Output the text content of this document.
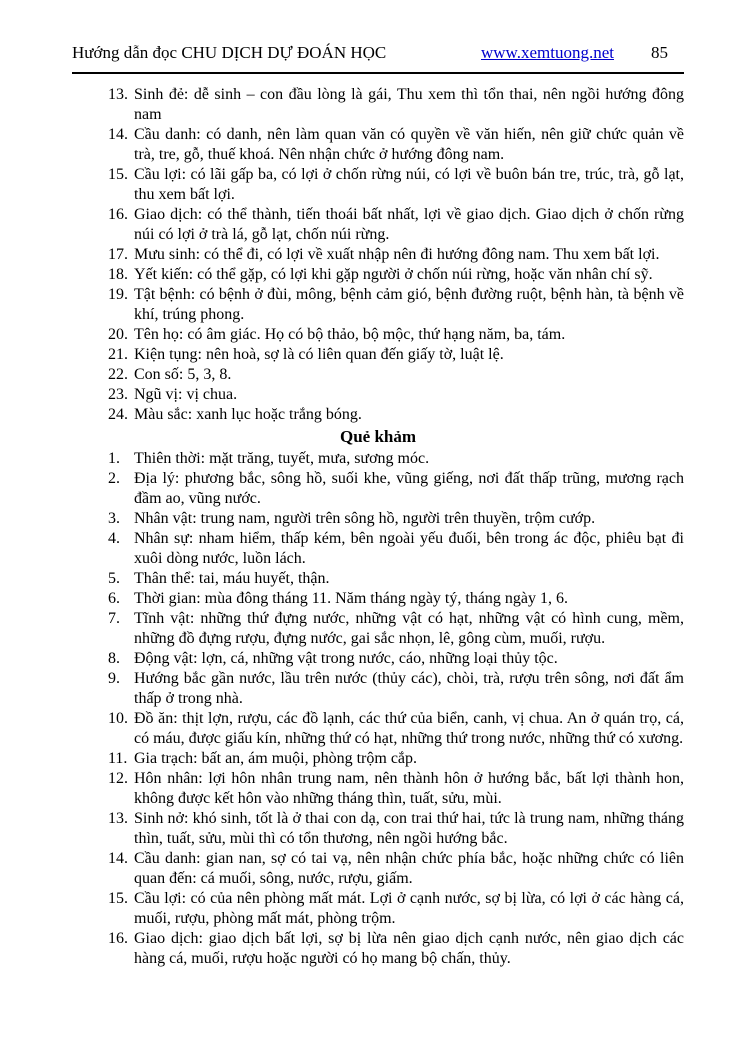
Hướng dẫn đọc CHU DỊCH DỰ ĐOÁN HỌC	www.xemtuong.net 85
13. Sinh đẻ: dễ sinh – con đầu lòng là gái, Thu xem thì tổn thai, nên ngồi hướng đông nam
14. Cầu danh: có danh, nên làm quan văn có quyền về văn hiến, nên giữ chức quản về trà, tre, gỗ, thuế khoá. Nên nhận chức ở hướng đông nam.
15. Cầu lợi: có lãi gấp ba, có lợi ở chốn rừng núi, có lợi về buôn bán tre, trúc, trà, gỗ lạt, thu xem bất lợi.
16. Giao dịch: có thể thành, tiến thoái bất nhất, lợi về giao dịch. Giao dịch ở chốn rừng núi có lợi ở trà lá, gỗ lạt, chốn núi rừng.
17. Mưu sinh: có thể đi, có lợi về xuất nhập nên đi hướng đông nam. Thu xem bất lợi.
18. Yết kiến: có thể gặp, có lợi khi gặp người ở chốn núi rừng, hoặc văn nhân chí sỹ.
19. Tật bệnh: có bệnh ở đùi, mông, bệnh cảm gió, bệnh đường ruột, bệnh hàn, tà bệnh về khí, trúng phong.
20. Tên họ: có âm giác. Họ có bộ thảo, bộ mộc, thứ hạng năm, ba, tám.
21. Kiện tụng: nên hoà, sợ là có liên quan đến giấy tờ, luật lệ.
22. Con số: 5, 3, 8.
23. Ngũ vị: vị chua.
24. Màu sắc: xanh lục hoặc trắng bóng.
Quẻ khảm
1. Thiên thời: mặt trăng, tuyết, mưa, sương móc.
2. Địa lý: phương bắc, sông hồ, suối khe, vũng giếng, nơi đất thấp trũng, mương rạch đầm ao, vũng nước.
3. Nhân vật: trung nam, người trên sông hồ, người trên thuyền, trộm cướp.
4. Nhân sự: nham hiểm, thấp kém, bên ngoài yếu đuối, bên trong ác độc, phiêu bạt đi xuôi dòng nước, luồn lách.
5. Thân thể: tai, máu huyết, thận.
6. Thời gian: mùa đông tháng 11. Năm tháng ngày tý, tháng ngày 1, 6.
7. Tĩnh vật: những thứ đựng nước, những vật có hạt, những vật có hình cung, mềm, những đồ đựng rượu, đựng nước, gai sắc nhọn, lê, gông cùm, muối, rượu.
8. Động vật: lợn, cá, những vật trong nước, cáo, những loại thủy tộc.
9. Hướng bắc gần nước, lầu trên nước (thủy các), chòi, trà, rượu trên sông, nơi đất ẩm thấp ở trong nhà.
10. Đồ ăn: thịt lợn, rượu, các đồ lạnh, các thứ của biển, canh, vị chua. An ở quán trọ, cá, có máu, được giấu kín, những thứ có hạt, những thứ trong nước, những thứ có xương.
11. Gia trạch: bất an, ám muội, phòng trộm cắp.
12. Hôn nhân: lợi hôn nhân trung nam, nên thành hôn ở hướng bắc, bất lợi thành hon, không được kết hôn vào những tháng thìn, tuất, sửu, mùi.
13. Sinh nở: khó sinh, tốt là ở thai con dạ, con trai thứ hai, tức là trung nam, những tháng thìn, tuất, sửu, mùi thì có tổn thương, nên ngồi hướng bắc.
14. Cầu danh: gian nan, sợ có tai vạ, nên nhận chức phía bắc, hoặc những chức có liên quan đến: cá muối, sông, nước, rượu, giấm.
15. Cầu lợi: có của nên phòng mất mát. Lợi ở cạnh nước, sợ bị lừa, có lợi ở các hàng cá, muối, rượu, phòng mất mát, phòng trộm.
16. Giao dịch: giao dịch bất lợi, sợ bị lừa nên giao dịch cạnh nước, nên giao dịch các hàng cá, muối, rượu hoặc người có họ mang bộ chấn, thủy.
